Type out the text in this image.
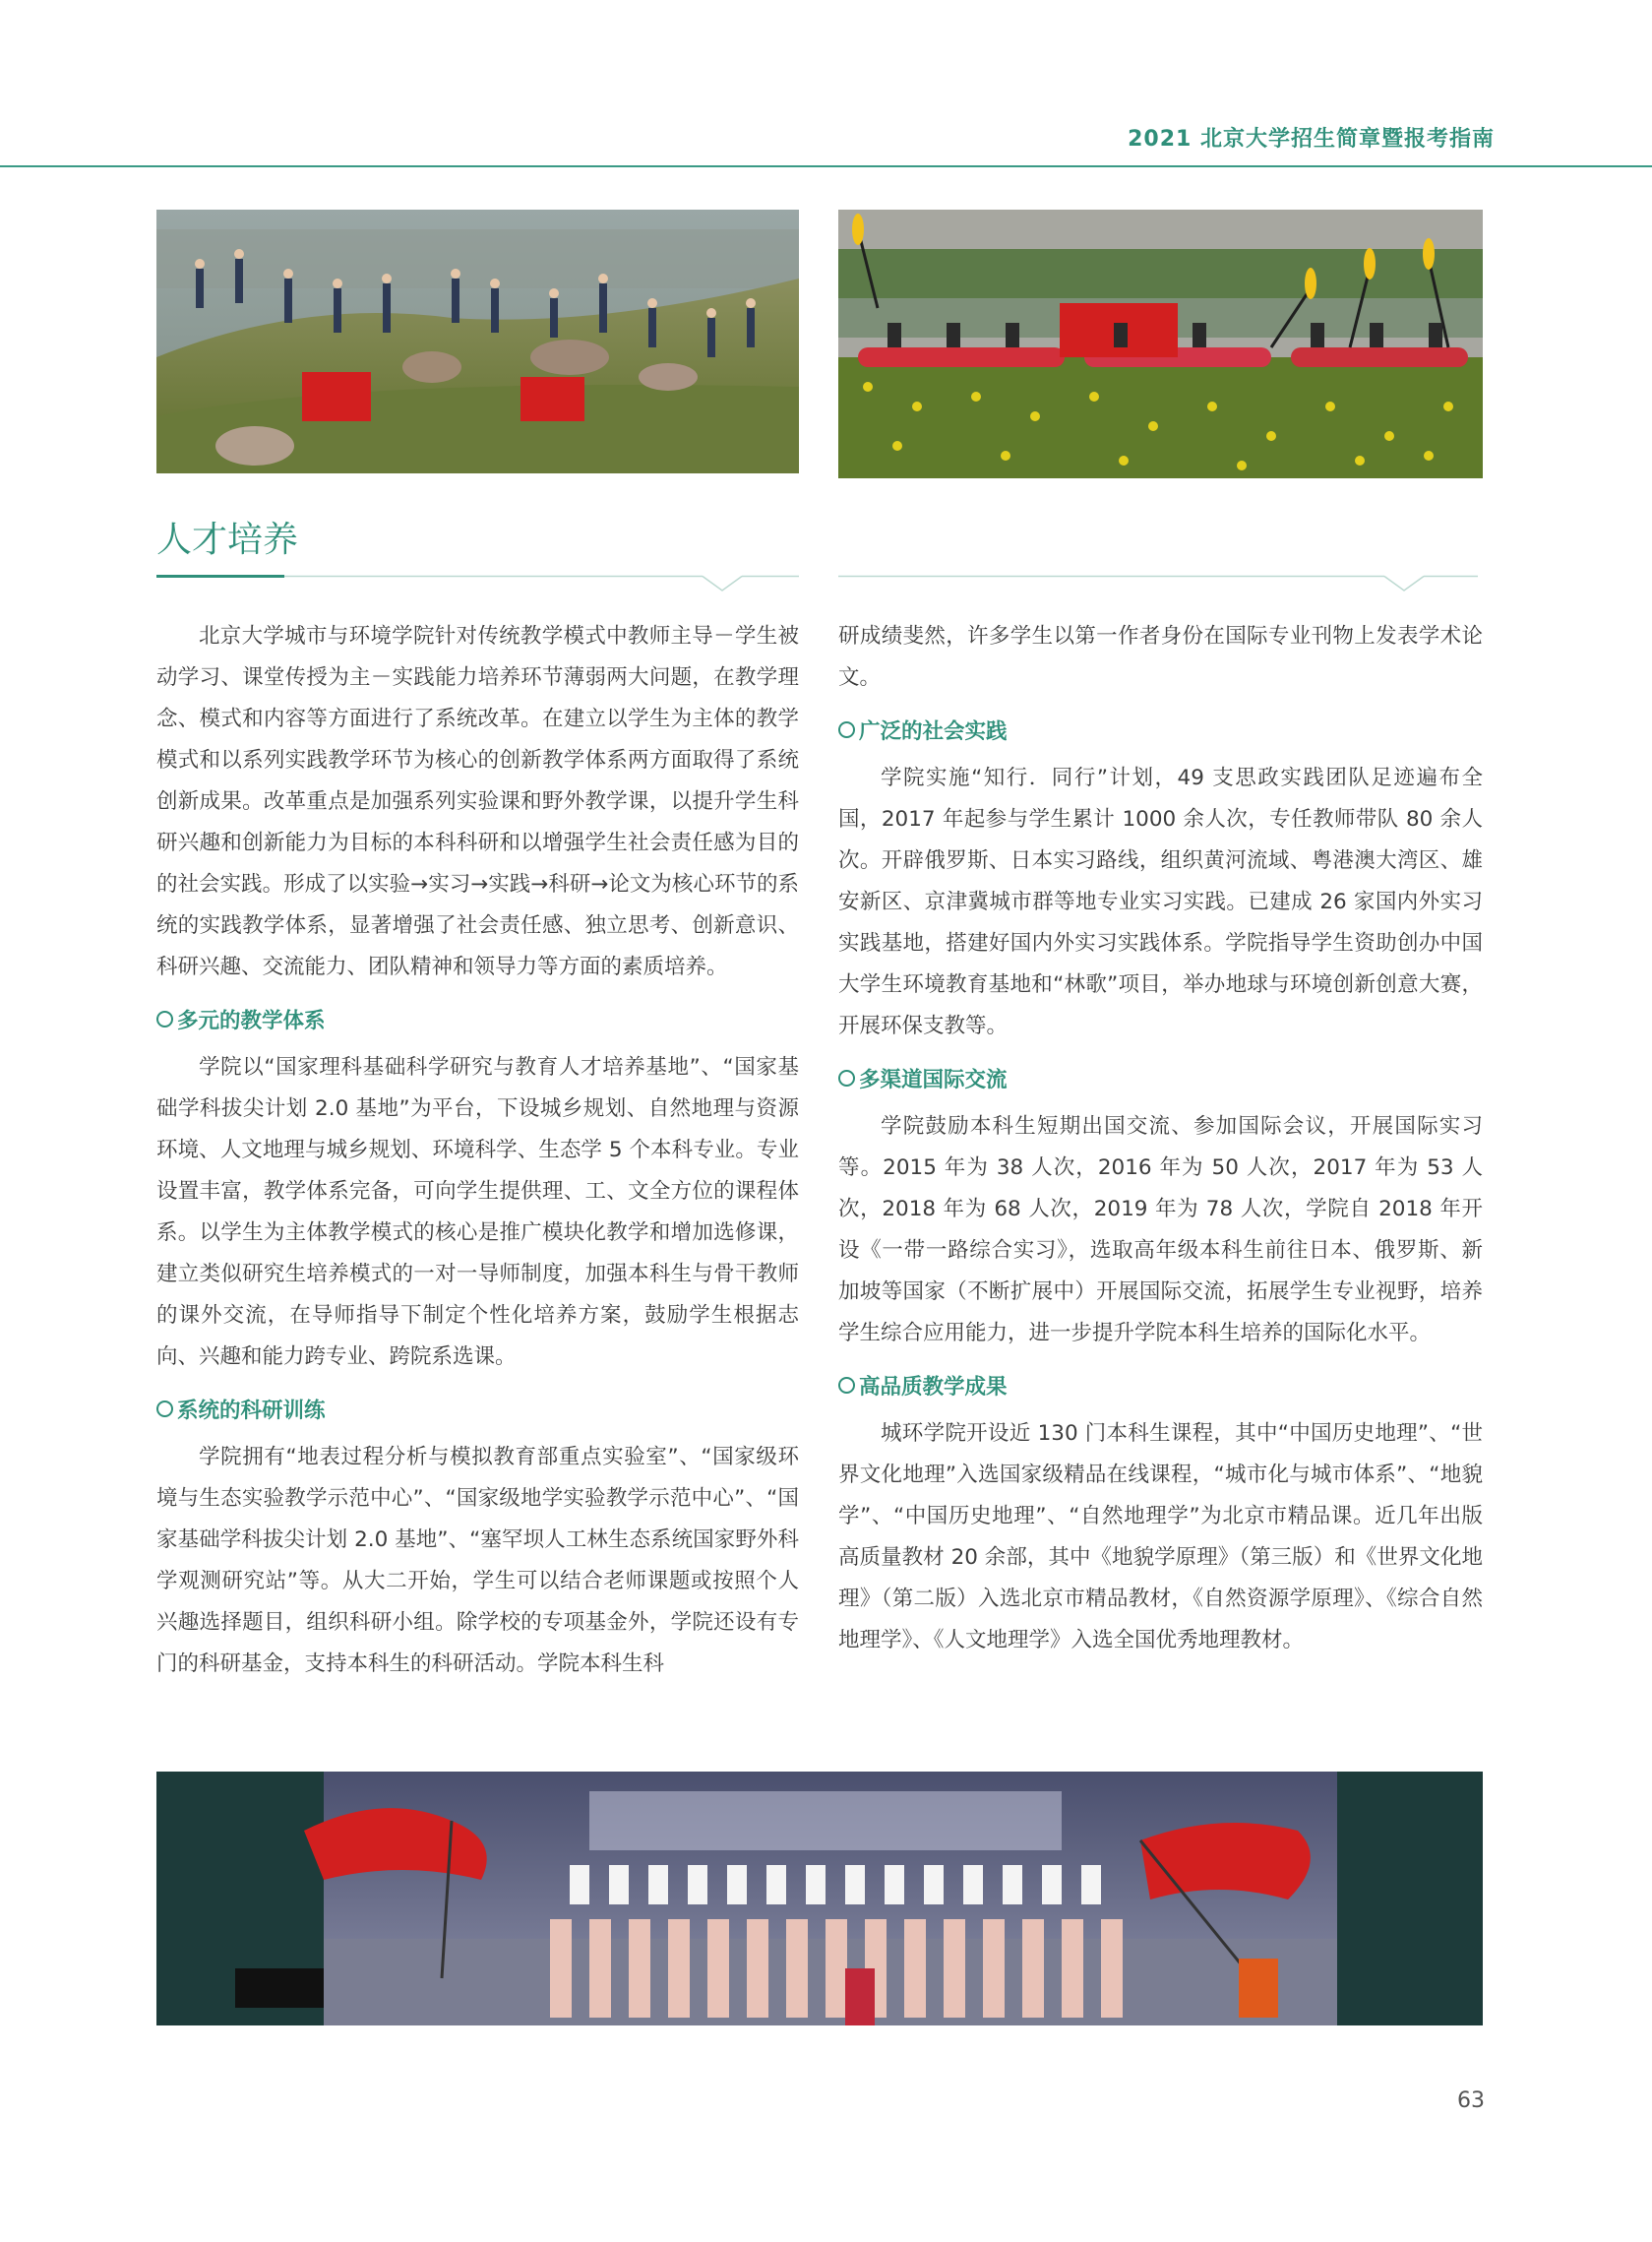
2021 北京大学招生简章暨报考指南
人才培养

北京大学城市与环境学院针对传统教学模式中教师主导－学生被动学习、课堂传授为主－实践能力培养环节薄弱两大问题，在教学理念、模式和内容等方面进行了系统改革。在建立以学生为主体的教学模式和以系列实践教学环节为核心的创新教学体系两方面取得了系统创新成果。改革重点是加强系列实验课和野外教学课，以提升学生科研兴趣和创新能力为目标的本科科研和以增强学生社会责任感为目的的社会实践。形成了以实验→实习→实践→科研→论文为核心环节的系统的实践教学体系，显著增强了社会责任感、独立思考、创新意识、科研兴趣、交流能力、团队精神和领导力等方面的素质培养。

多元的教学体系

学院以“国家理科基础科学研究与教育人才培养基地”、“国家基础学科拔尖计划 2.0 基地”为平台，下设城乡规划、自然地理与资源环境、人文地理与城乡规划、环境科学、生态学 5 个本科专业。专业设置丰富，教学体系完备，可向学生提供理、工、文全方位的课程体系。以学生为主体教学模式的核心是推广模块化教学和增加选修课，建立类似研究生培养模式的一对一导师制度，加强本科生与骨干教师的课外交流，在导师指导下制定个性化培养方案，鼓励学生根据志向、兴趣和能力跨专业、跨院系选课。

系统的科研训练

学院拥有“地表过程分析与模拟教育部重点实验室”、“国家级环境与生态实验教学示范中心”、“国家级地学实验教学示范中心”、“国家基础学科拔尖计划 2.0 基地”、“塞罕坝人工林生态系统国家野外科学观测研究站”等。从大二开始，学生可以结合老师课题或按照个人兴趣选择题目，组织科研小组。除学校的专项基金外，学院还设有专门的科研基金，支持本科生的科研活动。学院本科生科

研成绩斐然，许多学生以第一作者身份在国际专业刊物上发表学术论文。

广泛的社会实践

学院实施“知行．同行”计划，49 支思政实践团队足迹遍布全国，2017 年起参与学生累计 1000 余人次，专任教师带队 80 余人次。开辟俄罗斯、日本实习路线，组织黄河流域、粤港澳大湾区、雄安新区、京津冀城市群等地专业实习实践。已建成 26 家国内外实习实践基地，搭建好国内外实习实践体系。学院指导学生资助创办中国大学生环境教育基地和“林歌”项目，举办地球与环境创新创意大赛，开展环保支教等。

多渠道国际交流

学院鼓励本科生短期出国交流、参加国际会议，开展国际实习等。2015 年为 38 人次，2016 年为 50 人次，2017 年为 53 人次，2018 年为 68 人次，2019 年为 78 人次，学院自 2018 年开设《一带一路综合实习》，选取高年级本科生前往日本、俄罗斯、新加坡等国家（不断扩展中）开展国际交流，拓展学生专业视野，培养学生综合应用能力，进一步提升学院本科生培养的国际化水平。

高品质教学成果

城环学院开设近 130 门本科生课程，其中“中国历史地理”、“世界文化地理”入选国家级精品在线课程，“城市化与城市体系”、“地貌学”、“中国历史地理”、“自然地理学”为北京市精品课。近几年出版高质量教材 20 余部，其中《地貌学原理》（第三版）和《世界文化地理》（第二版）入选北京市精品教材，《自然资源学原理》、《综合自然地理学》、《人文地理学》入选全国优秀地理教材。

63
